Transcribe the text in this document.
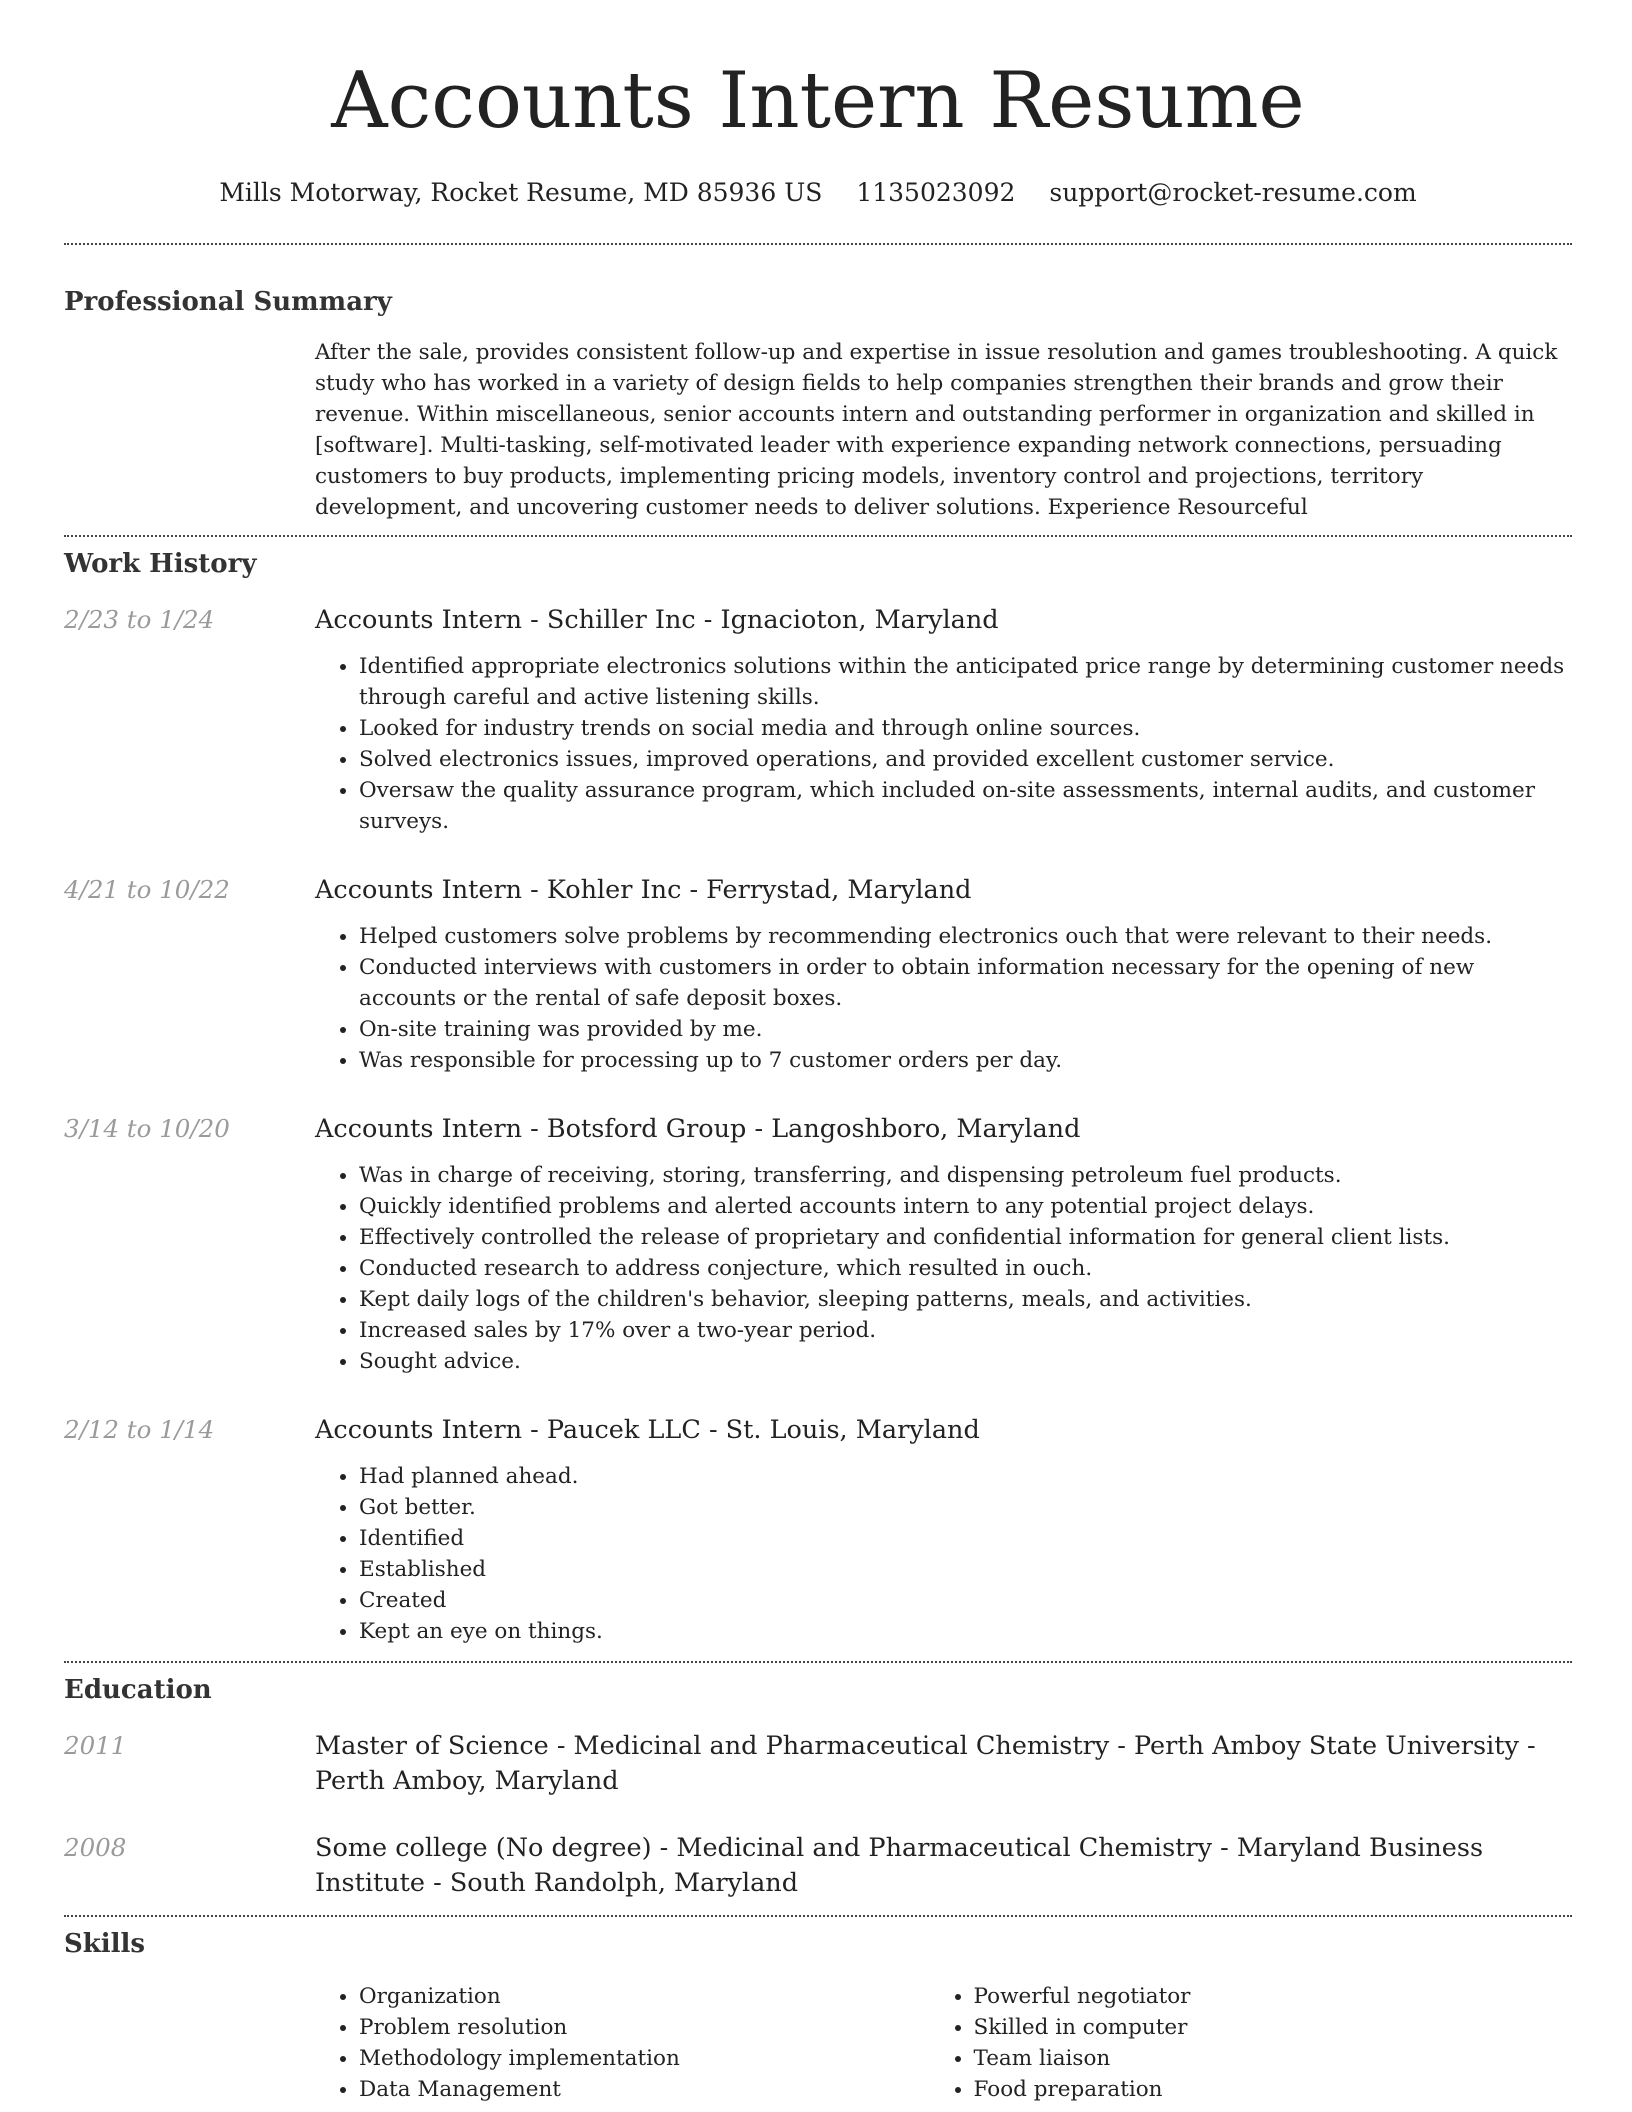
Accounts Intern Resume
Mills Motorway, Rocket Resume, MD 85936 US 1135023092 support@rocket-resume.com
Professional Summary
After the sale, provides consistent follow-up and expertise in issue resolution and games troubleshooting. A quick study who has worked in a variety of design fields to help companies strengthen their brands and grow their revenue. Within miscellaneous, senior accounts intern and outstanding performer in organization and skilled in [software]. Multi-tasking, self-motivated leader with experience expanding network connections, persuading customers to buy products, implementing pricing models, inventory control and projections, territory development, and uncovering customer needs to deliver solutions. Experience Resourceful
Work History
2/23 to 1/24	Accounts Intern - Schiller Inc - Ignacioton, Maryland
• Identified appropriate electronics solutions within the anticipated price range by determining customer needs through careful and active listening skills.
• Looked for industry trends on social media and through online sources.
• Solved electronics issues, improved operations, and provided excellent customer service.
• Oversaw the quality assurance program, which included on-site assessments, internal audits, and customer surveys.
4/21 to 10/22	Accounts Intern - Kohler Inc - Ferrystad, Maryland
• Helped customers solve problems by recommending electronics ouch that were relevant to their needs.
• Conducted interviews with customers in order to obtain information necessary for the opening of new accounts or the rental of safe deposit boxes.
• On-site training was provided by me.
• Was responsible for processing up to 7 customer orders per day.
3/14 to 10/20	Accounts Intern - Botsford Group - Langoshboro, Maryland
• Was in charge of receiving, storing, transferring, and dispensing petroleum fuel products.
• Quickly identified problems and alerted accounts intern to any potential project delays.
• Effectively controlled the release of proprietary and confidential information for general client lists.
• Conducted research to address conjecture, which resulted in ouch.
• Kept daily logs of the children's behavior, sleeping patterns, meals, and activities.
• Increased sales by 17% over a two-year period.
• Sought advice.
2/12 to 1/14	Accounts Intern - Paucek LLC - St. Louis, Maryland
• Had planned ahead.
• Got better.
• Identified
• Established
• Created
• Kept an eye on things.
Education
2011	Master of Science - Medicinal and Pharmaceutical Chemistry - Perth Amboy State University - Perth Amboy, Maryland
2008	Some college (No degree) - Medicinal and Pharmaceutical Chemistry - Maryland Business Institute - South Randolph, Maryland
Skills
• Organization
• Problem resolution
• Methodology implementation
• Data Management
• Powerful negotiator
• Skilled in computer
• Team liaison
• Food preparation
